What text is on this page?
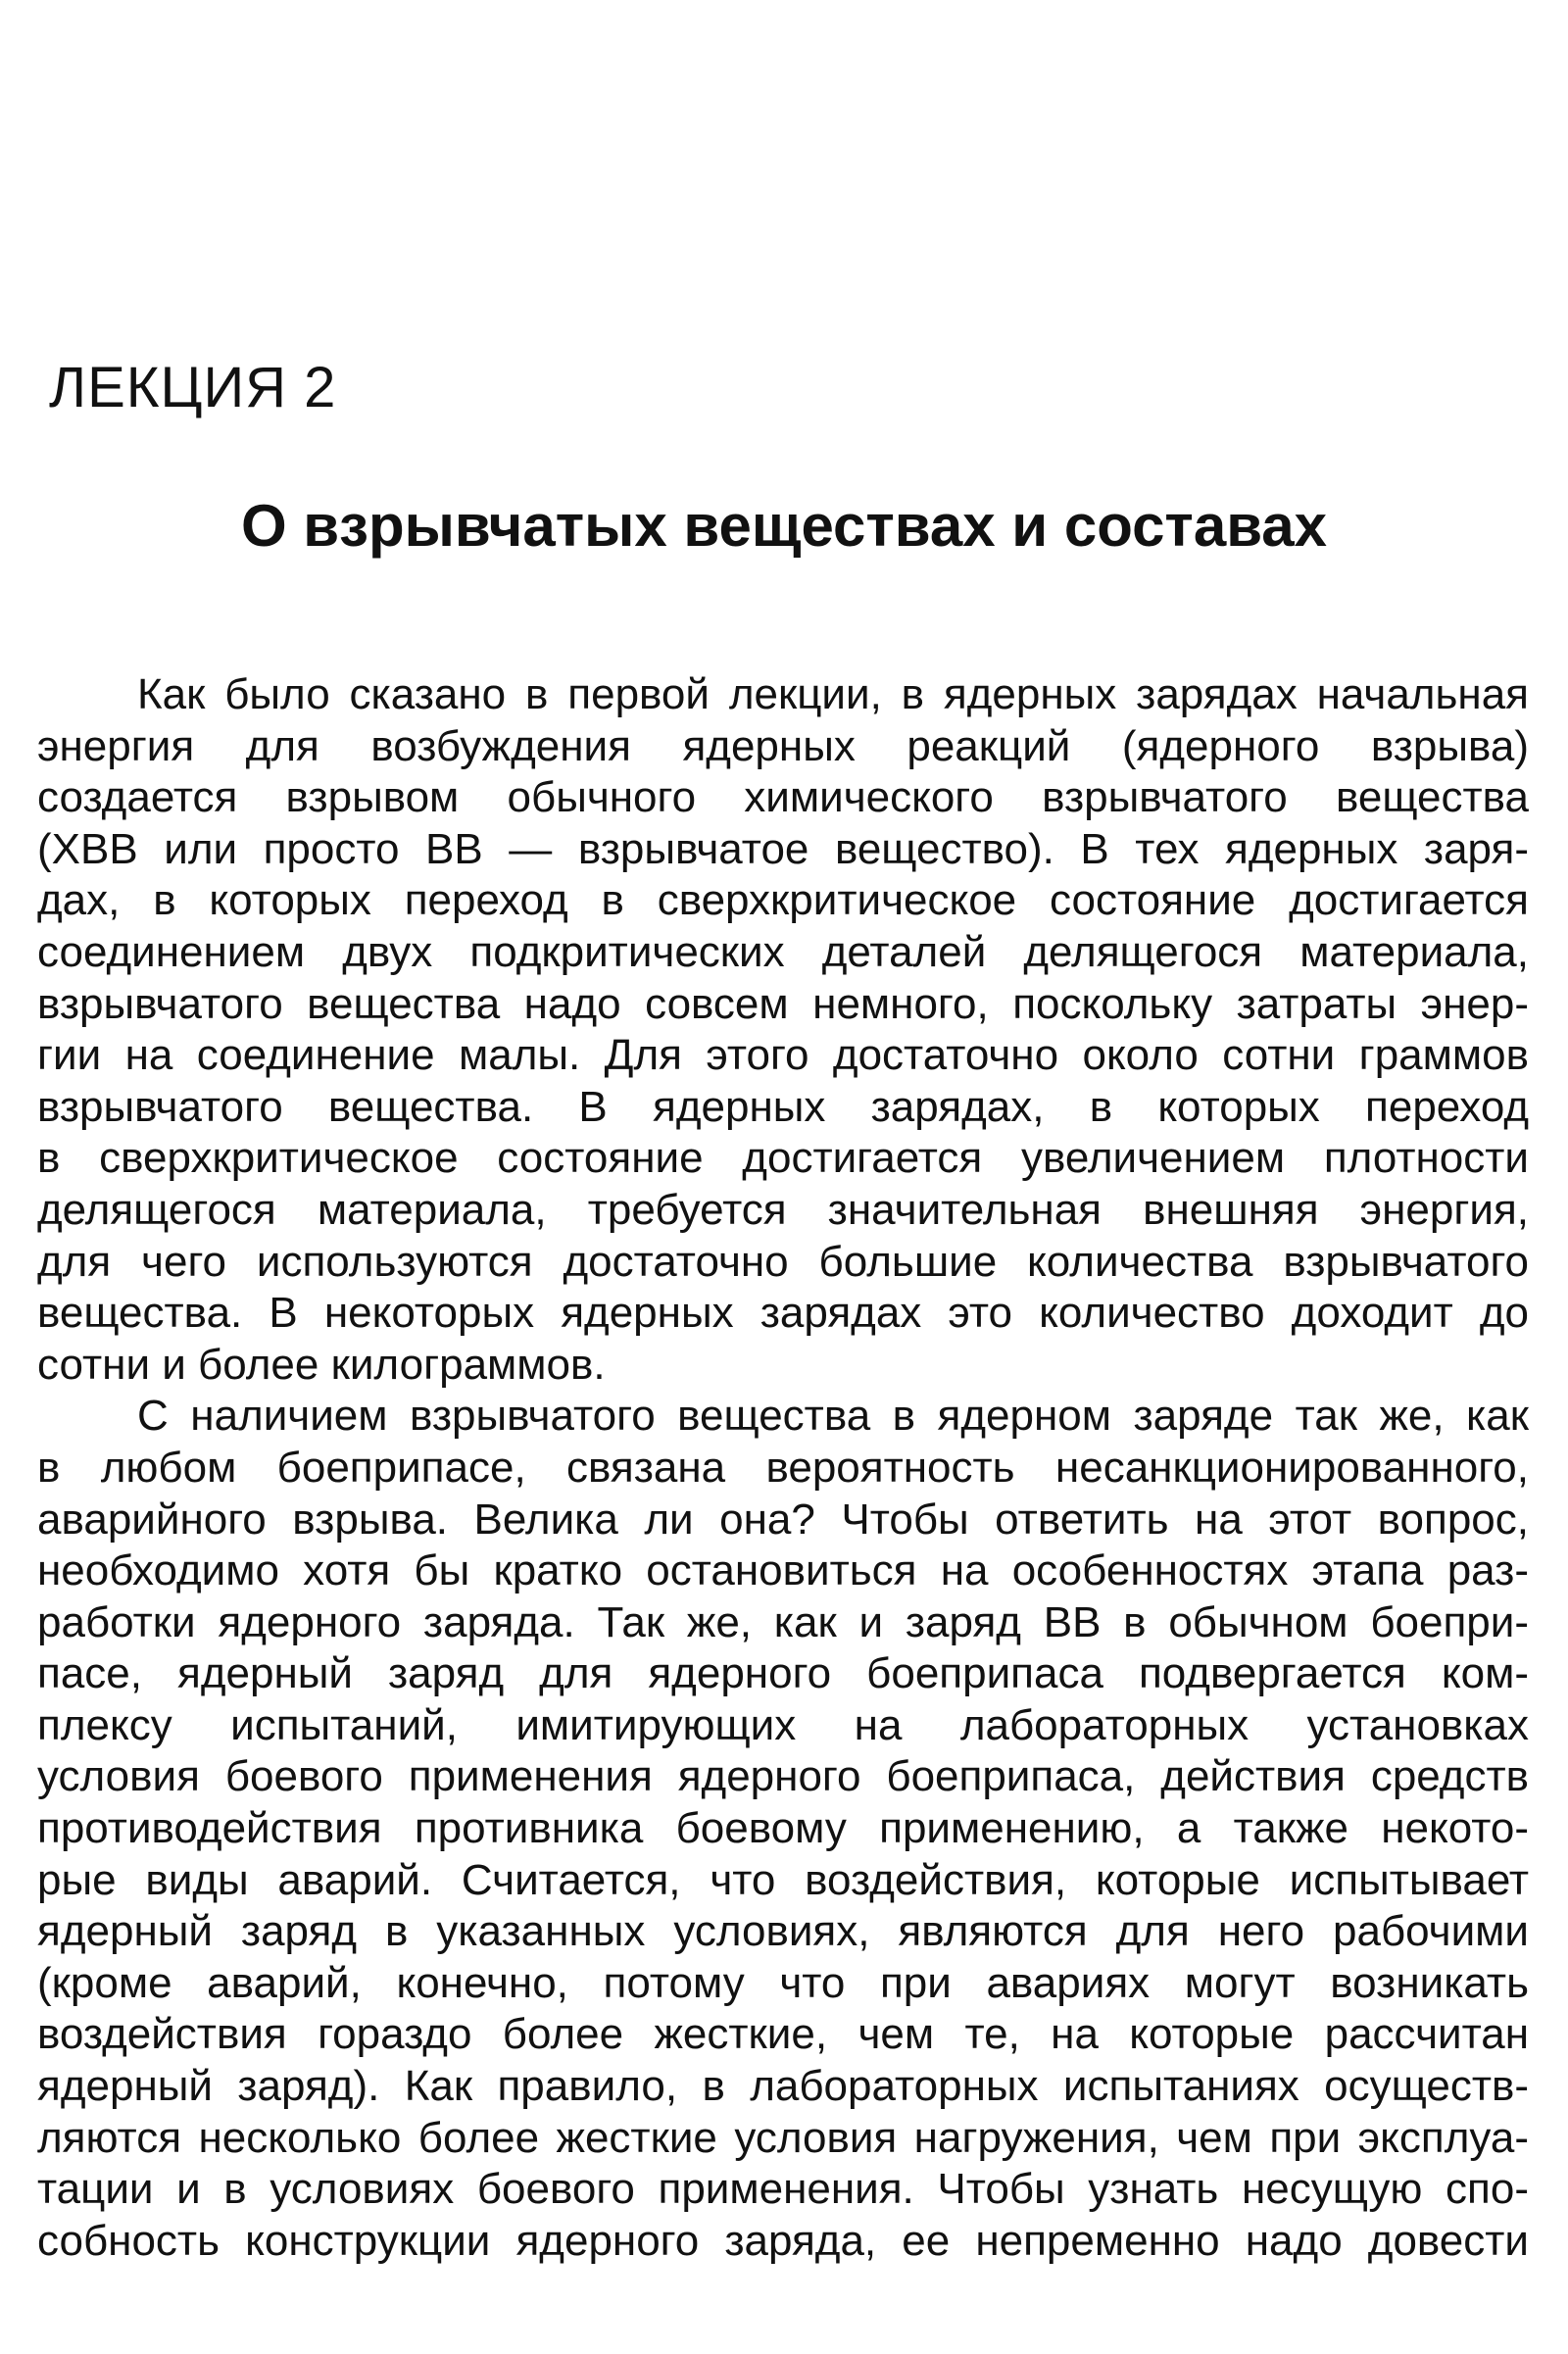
ЛЕКЦИЯ 2
О взрывчатых веществах и составах
Как было сказано в первой лекции, в ядерных зарядах начальная
энергия для возбуждения ядерных реакций (ядерного взрыва)
создается взрывом обычного химического взрывчатого вещества
(ХВВ или просто ВВ — взрывчатое вещество). В тех ядерных заря-
дах, в которых переход в сверхкритическое состояние достигается
соединением двух подкритических деталей делящегося материала,
взрывчатого вещества надо совсем немного, поскольку затраты энер-
гии на соединение малы. Для этого достаточно около сотни граммов
взрывчатого вещества. В ядерных зарядах, в которых переход
в сверхкритическое состояние достигается увеличением плотности
делящегося материала, требуется значительная внешняя энергия,
для чего используются достаточно большие количества взрывчатого
вещества. В некоторых ядерных зарядах это количество доходит до
сотни и более килограммов.
С наличием взрывчатого вещества в ядерном заряде так же, как
в любом боеприпасе, связана вероятность несанкционированного,
аварийного взрыва. Велика ли она? Чтобы ответить на этот вопрос,
необходимо хотя бы кратко остановиться на особенностях этапа раз-
работки ядерного заряда. Так же, как и заряд ВВ в обычном боепри-
пасе, ядерный заряд для ядерного боеприпаса подвергается ком-
плексу испытаний, имитирующих на лабораторных установках
условия боевого применения ядерного боеприпаса, действия средств
противодействия противника боевому применению, а также некото-
рые виды аварий. Считается, что воздействия, которые испытывает
ядерный заряд в указанных условиях, являются для него рабочими
(кроме аварий, конечно, потому что при авариях могут возникать
воздействия гораздо более жесткие, чем те, на которые рассчитан
ядерный заряд). Как правило, в лабораторных испытаниях осуществ-
ляются несколько более жесткие условия нагружения, чем при эксплуа-
тации и в условиях боевого применения. Чтобы узнать несущую спо-
собность конструкции ядерного заряда, ее непременно надо довести
